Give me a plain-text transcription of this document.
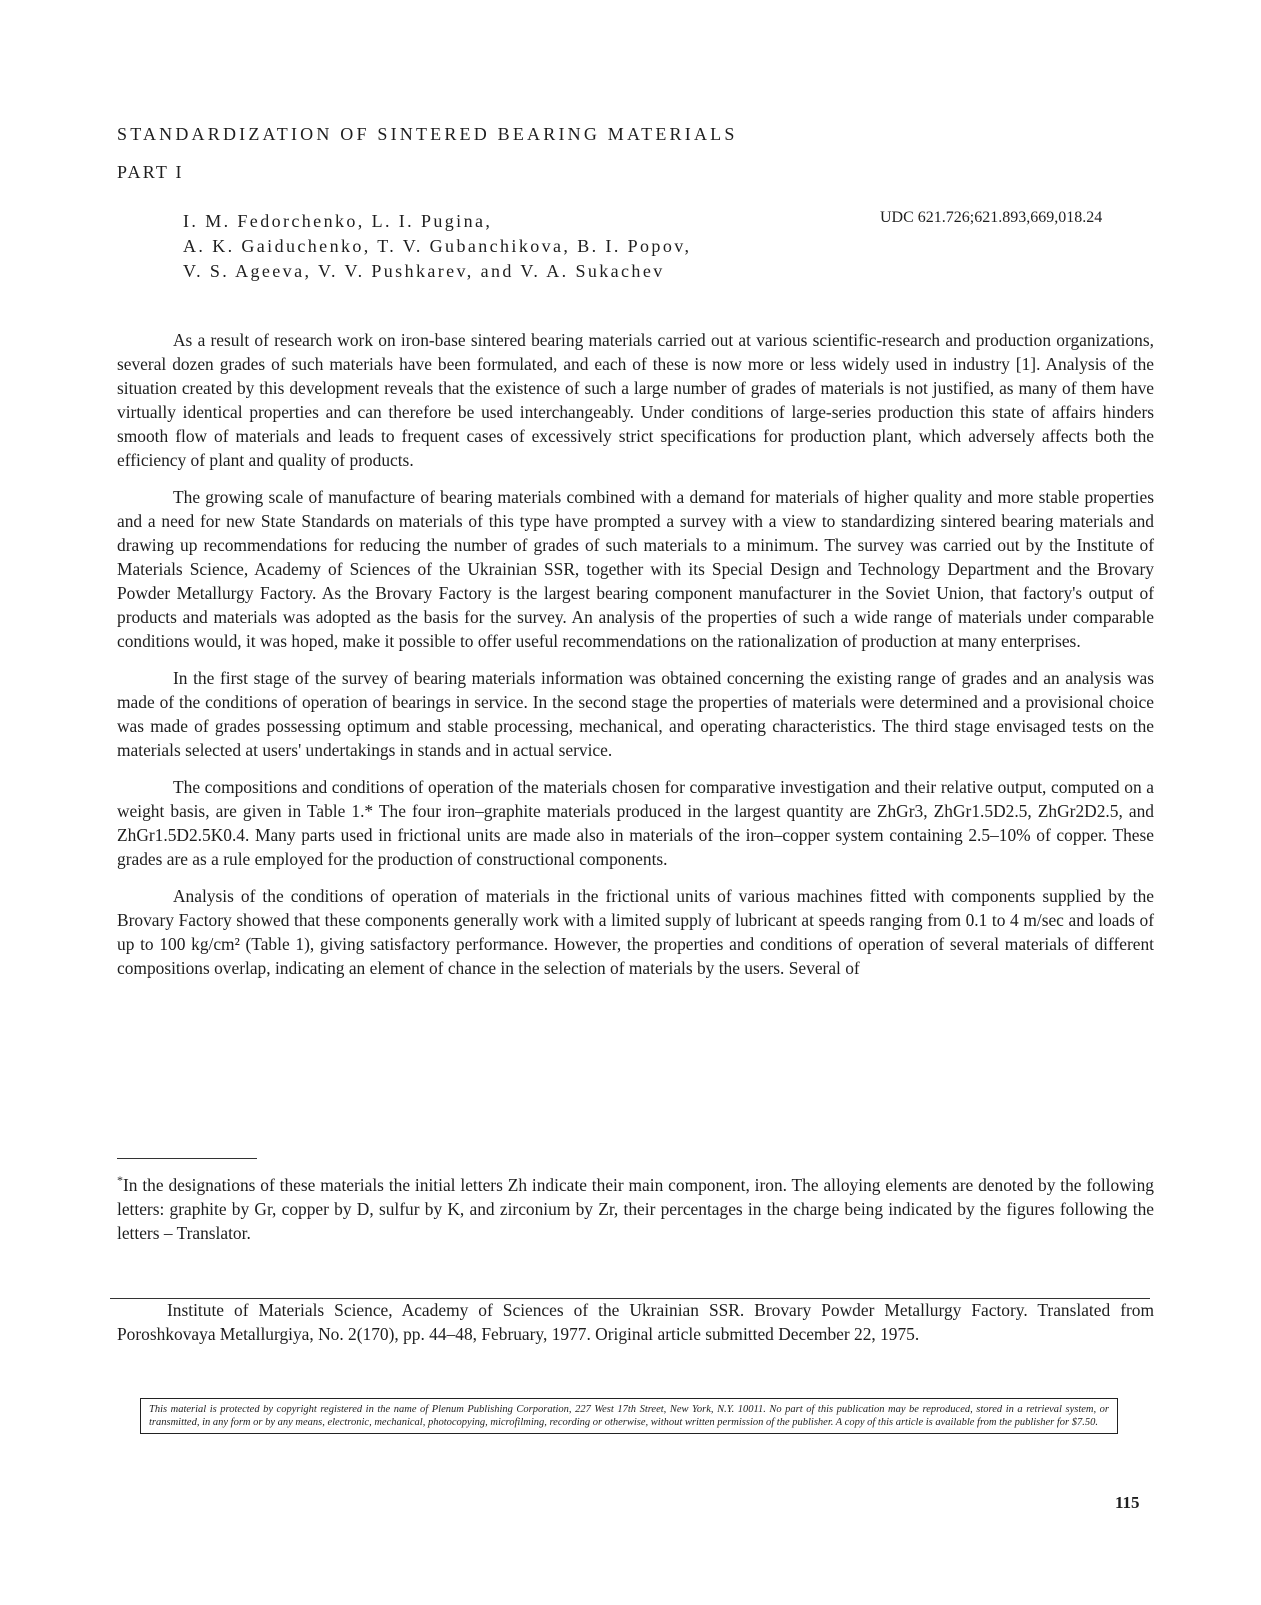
STANDARDIZATION OF SINTERED BEARING MATERIALS
PART I
I. M. Fedorchenko, L. I. Pugina,
A. K. Gaiduchenko, T. V. Gubanchikova, B. I. Popov,
V. S. Ageeva, V. V. Pushkarev, and V. A. Sukachev
UDC 621.726;621.893,669,018.24

As a result of research work on iron-base sintered bearing materials carried out at various scientific-research and production organizations, several dozen grades of such materials have been formulated, and each of these is now more or less widely used in industry [1]. Analysis of the situation created by this development reveals that the existence of such a large number of grades of materials is not justified, as many of them have virtually identical properties and can therefore be used interchangeably. Under conditions of large-series production this state of affairs hinders smooth flow of materials and leads to frequent cases of excessively strict specifications for production plant, which adversely affects both the efficiency of plant and quality of products.

The growing scale of manufacture of bearing materials combined with a demand for materials of higher quality and more stable properties and a need for new State Standards on materials of this type have prompted a survey with a view to standardizing sintered bearing materials and drawing up recommendations for reducing the number of grades of such materials to a minimum. The survey was carried out by the Institute of Materials Science, Academy of Sciences of the Ukrainian SSR, together with its Special Design and Technology Department and the Brovary Powder Metallurgy Factory. As the Brovary Factory is the largest bearing component manufacturer in the Soviet Union, that factory's output of products and materials was adopted as the basis for the survey. An analysis of the properties of such a wide range of materials under comparable conditions would, it was hoped, make it possible to offer useful recommendations on the rationalization of production at many enterprises.

In the first stage of the survey of bearing materials information was obtained concerning the existing range of grades and an analysis was made of the conditions of operation of bearings in service. In the second stage the properties of materials were determined and a provisional choice was made of grades possessing optimum and stable processing, mechanical, and operating characteristics. The third stage envisaged tests on the materials selected at users' undertakings in stands and in actual service.

The compositions and conditions of operation of the materials chosen for comparative investigation and their relative output, computed on a weight basis, are given in Table 1.* The four iron–graphite materials produced in the largest quantity are ZhGr3, ZhGr1.5D2.5, ZhGr2D2.5, and ZhGr1.5D2.5K0.4. Many parts used in frictional units are made also in materials of the iron–copper system containing 2.5–10% of copper. These grades are as a rule employed for the production of constructional components.

Analysis of the conditions of operation of materials in the frictional units of various machines fitted with components supplied by the Brovary Factory showed that these components generally work with a limited supply of lubricant at speeds ranging from 0.1 to 4 m/sec and loads of up to 100 kg/cm² (Table 1), giving satisfactory performance. However, the properties and conditions of operation of several materials of different compositions overlap, indicating an element of chance in the selection of materials by the users. Several of

*In the designations of these materials the initial letters Zh indicate their main component, iron. The alloying elements are denoted by the following letters: graphite by Gr, copper by D, sulfur by K, and zirconium by Zr, their percentages in the charge being indicated by the figures following the letters – Translator.
Institute of Materials Science, Academy of Sciences of the Ukrainian SSR. Brovary Powder Metallurgy Factory. Translated from Poroshkovaya Metallurgiya, No. 2(170), pp. 44–48, February, 1977. Original article submitted December 22, 1975.
This material is protected by copyright registered in the name of Plenum Publishing Corporation, 227 West 17th Street, New York, N.Y. 10011. No part of this publication may be reproduced, stored in a retrieval system, or transmitted, in any form or by any means, electronic, mechanical, photocopying, microfilming, recording or otherwise, without written permission of the publisher. A copy of this article is available from the publisher for $7.50.
115
